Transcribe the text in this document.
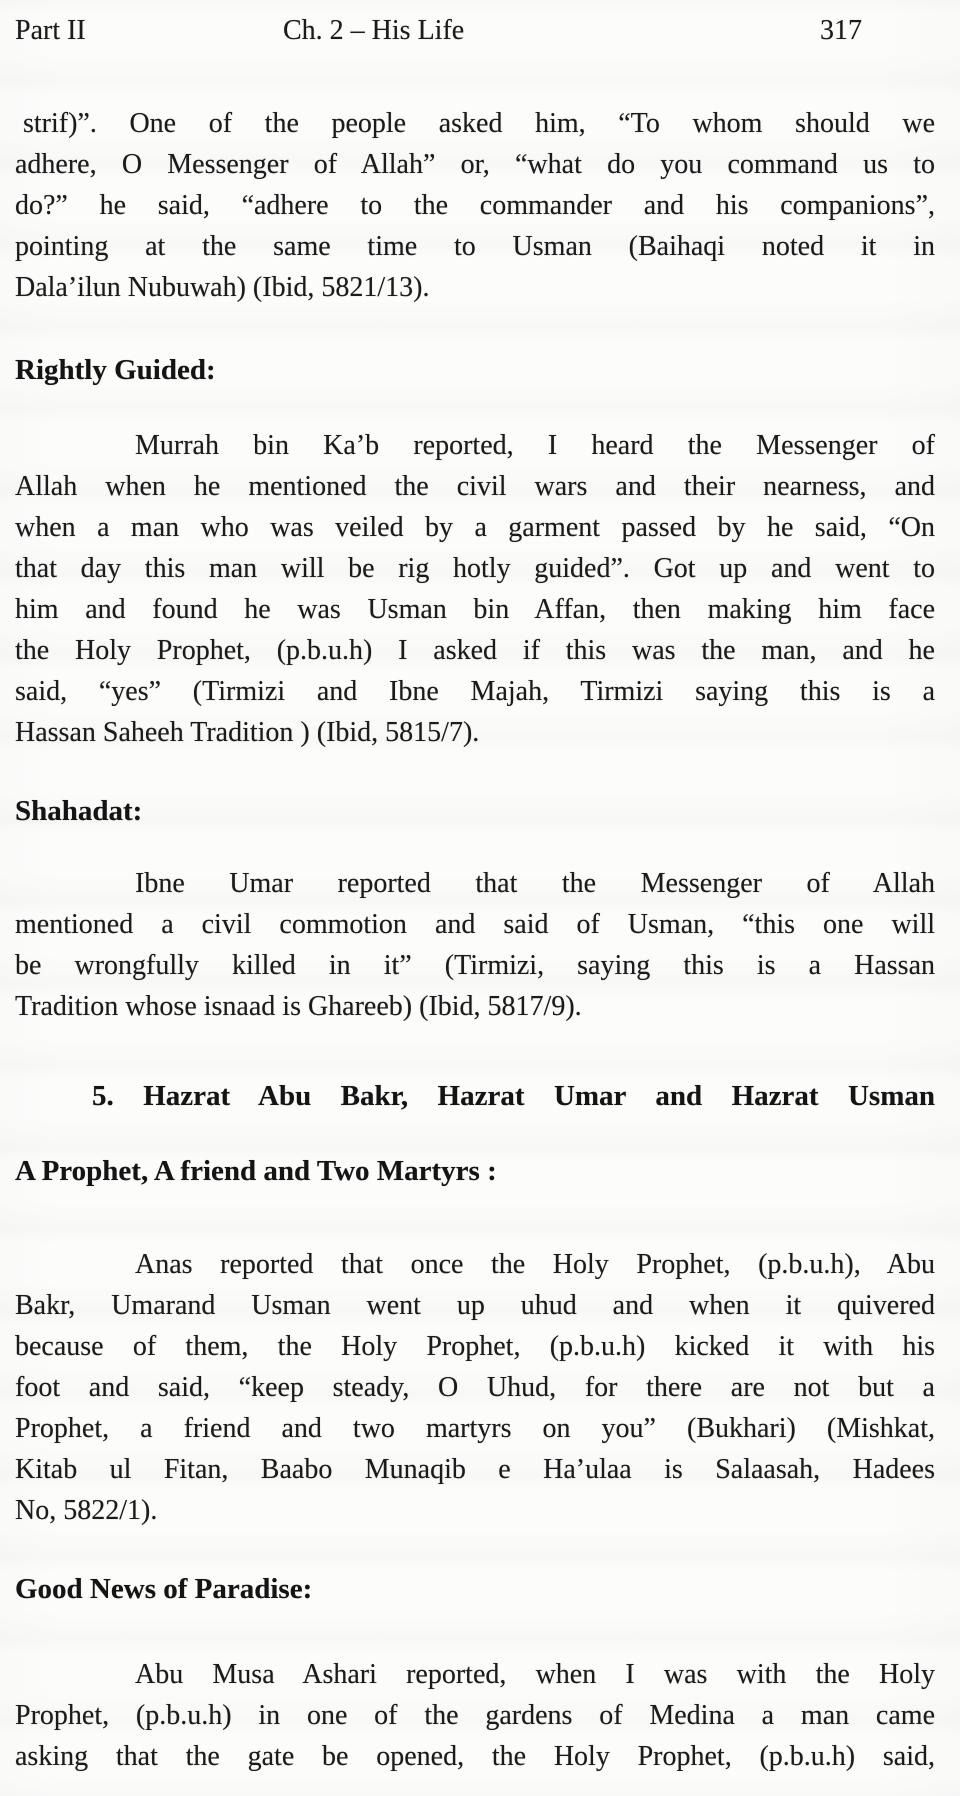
Part II	Ch. 2 – His Life	317
strif)”. One of the people asked him, “To whom should we
adhere, O Messenger of Allah” or, “what do you command us to
do?” he said, “adhere to the commander and his companions”,
pointing at the same time to Usman (Baihaqi noted it in
Dala’ilun Nubuwah) (Ibid, 5821/13).
Rightly Guided:
Murrah bin Ka’b reported, I heard the Messenger of
Allah when he mentioned the civil wars and their nearness, and
when a man who was veiled by a garment passed by he said, “On
that day this man will be rig hotly guided”. Got up and went to
him and found he was Usman bin Affan, then making him face
the Holy Prophet, (p.b.u.h) I asked if this was the man, and he
said, “yes” (Tirmizi and Ibne Majah, Tirmizi saying this is a
Hassan Saheeh Tradition ) (Ibid, 5815/7).
Shahadat:
Ibne Umar reported that the Messenger of Allah
mentioned a civil commotion and said of Usman, “this one will
be wrongfully killed in it” (Tirmizi, saying this is a Hassan
Tradition whose isnaad is Ghareeb) (Ibid, 5817/9).
5. Hazrat Abu Bakr, Hazrat Umar and Hazrat Usman
A Prophet, A friend and Two Martyrs :
Anas reported that once the Holy Prophet, (p.b.u.h), Abu
Bakr, Umarand Usman went up uhud and when it quivered
because of them, the Holy Prophet, (p.b.u.h) kicked it with his
foot and said, “keep steady, O Uhud, for there are not but a
Prophet, a friend and two martyrs on you” (Bukhari) (Mishkat,
Kitab ul Fitan, Baabo Munaqib e Ha’ulaa is Salaasah, Hadees
No, 5822/1).
Good News of Paradise:
Abu Musa Ashari reported, when I was with the Holy
Prophet, (p.b.u.h) in one of the gardens of Medina a man came
asking that the gate be opened, the Holy Prophet, (p.b.u.h) said,
